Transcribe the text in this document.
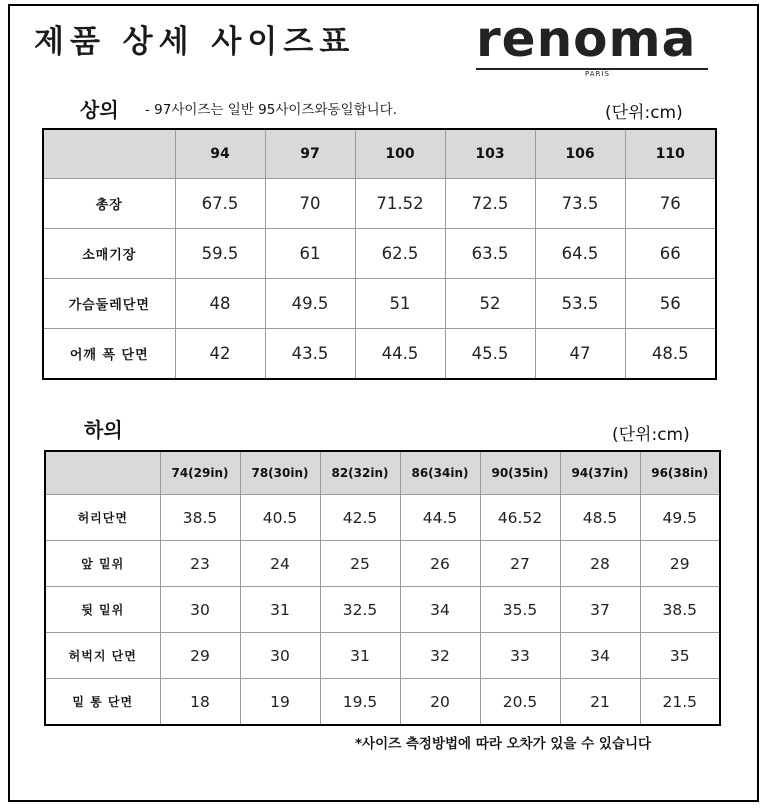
제품 상세 사이즈표 renoma
PARIS
상의 - 97사이즈는 일반 95사이즈와동일합니다.	(단위:cm)
	94	97	100	103	106	110
총장	67.5	70	71.52	72.5	73.5	76
소매기장	59.5	61	62.5	63.5	64.5	66
가슴둘레단면	48	49.5	51	52	53.5	56
어깨 폭 단면	42	43.5	44.5	45.5	47	48.5
하의	(단위:cm)
	74(29in)	78(30in)	82(32in)	86(34in)	90(35in)	94(37in)	96(38in)
허리단면	38.5	40.5	42.5	44.5	46.52	48.5	49.5
앞 밑위	23	24	25	26	27	28	29
뒷 밑위	30	31	32.5	34	35.5	37	38.5
허벅지 단면	29	30	31	32	33	34	35
밑 통 단면	18	19	19.5	20	20.5	21	21.5
*사이즈 측정방법에 따라 오차가 있을 수 있습니다
